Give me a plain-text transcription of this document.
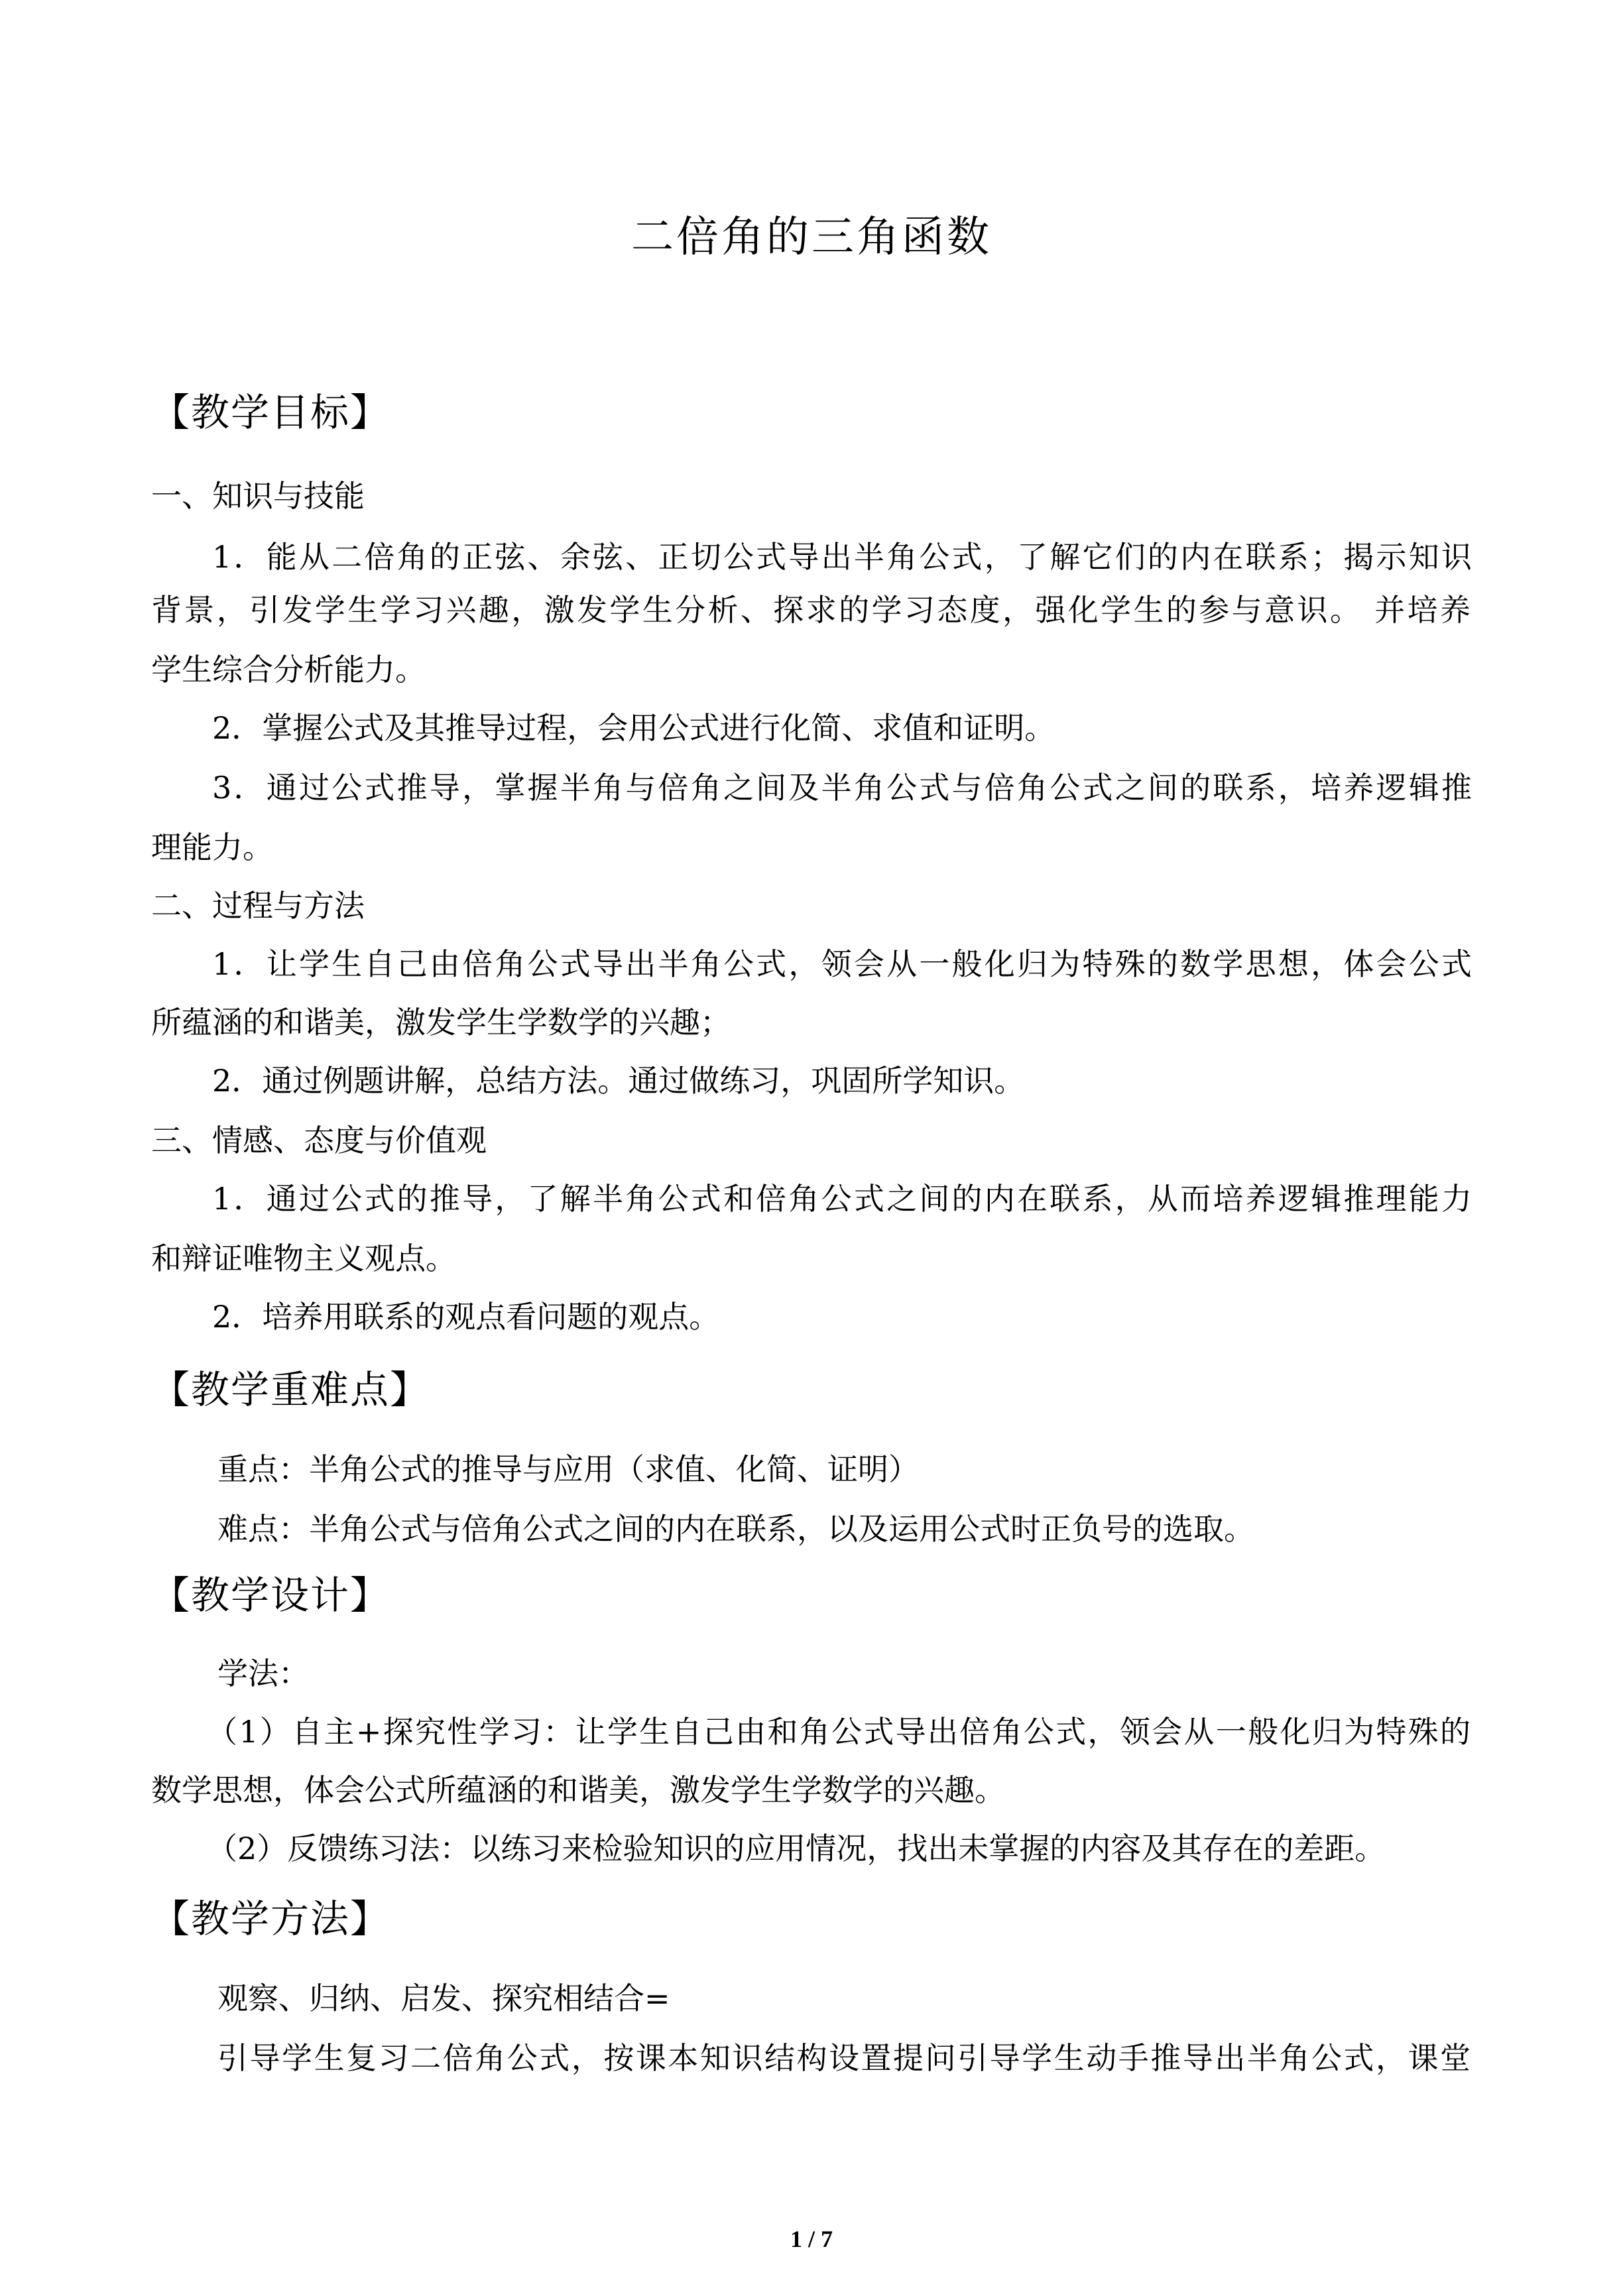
二倍角的三角函数
【教学目标】
一、知识与技能
1．能从二倍角的正弦、余弦、正切公式导出半角公式，了解它们的内在联系；揭示知识
背景，引发学生学习兴趣，激发学生分析、探求的学习态度，强化学生的参与意识。 并培养
学生综合分析能力。
2．掌握公式及其推导过程，会用公式进行化简、求值和证明。
3．通过公式推导，掌握半角与倍角之间及半角公式与倍角公式之间的联系，培养逻辑推
理能力。
二、过程与方法
1．让学生自己由倍角公式导出半角公式，领会从一般化归为特殊的数学思想，体会公式
所蕴涵的和谐美，激发学生学数学的兴趣；
2．通过例题讲解，总结方法。通过做练习，巩固所学知识。
三、情感、态度与价值观
1．通过公式的推导，了解半角公式和倍角公式之间的内在联系，从而培养逻辑推理能力
和辩证唯物主义观点。
2．培养用联系的观点看问题的观点。
【教学重难点】
重点：半角公式的推导与应用（求值、化简、证明）
难点：半角公式与倍角公式之间的内在联系，以及运用公式时正负号的选取。
【教学设计】
学法：
（1）自主+探究性学习：让学生自己由和角公式导出倍角公式，领会从一般化归为特殊的
数学思想，体会公式所蕴涵的和谐美，激发学生学数学的兴趣。
（2）反馈练习法：以练习来检验知识的应用情况，找出未掌握的内容及其存在的差距。
【教学方法】
观察、归纳、启发、探究相结合=
引导学生复习二倍角公式，按课本知识结构设置提问引导学生动手推导出半角公式，课堂
1 / 7
